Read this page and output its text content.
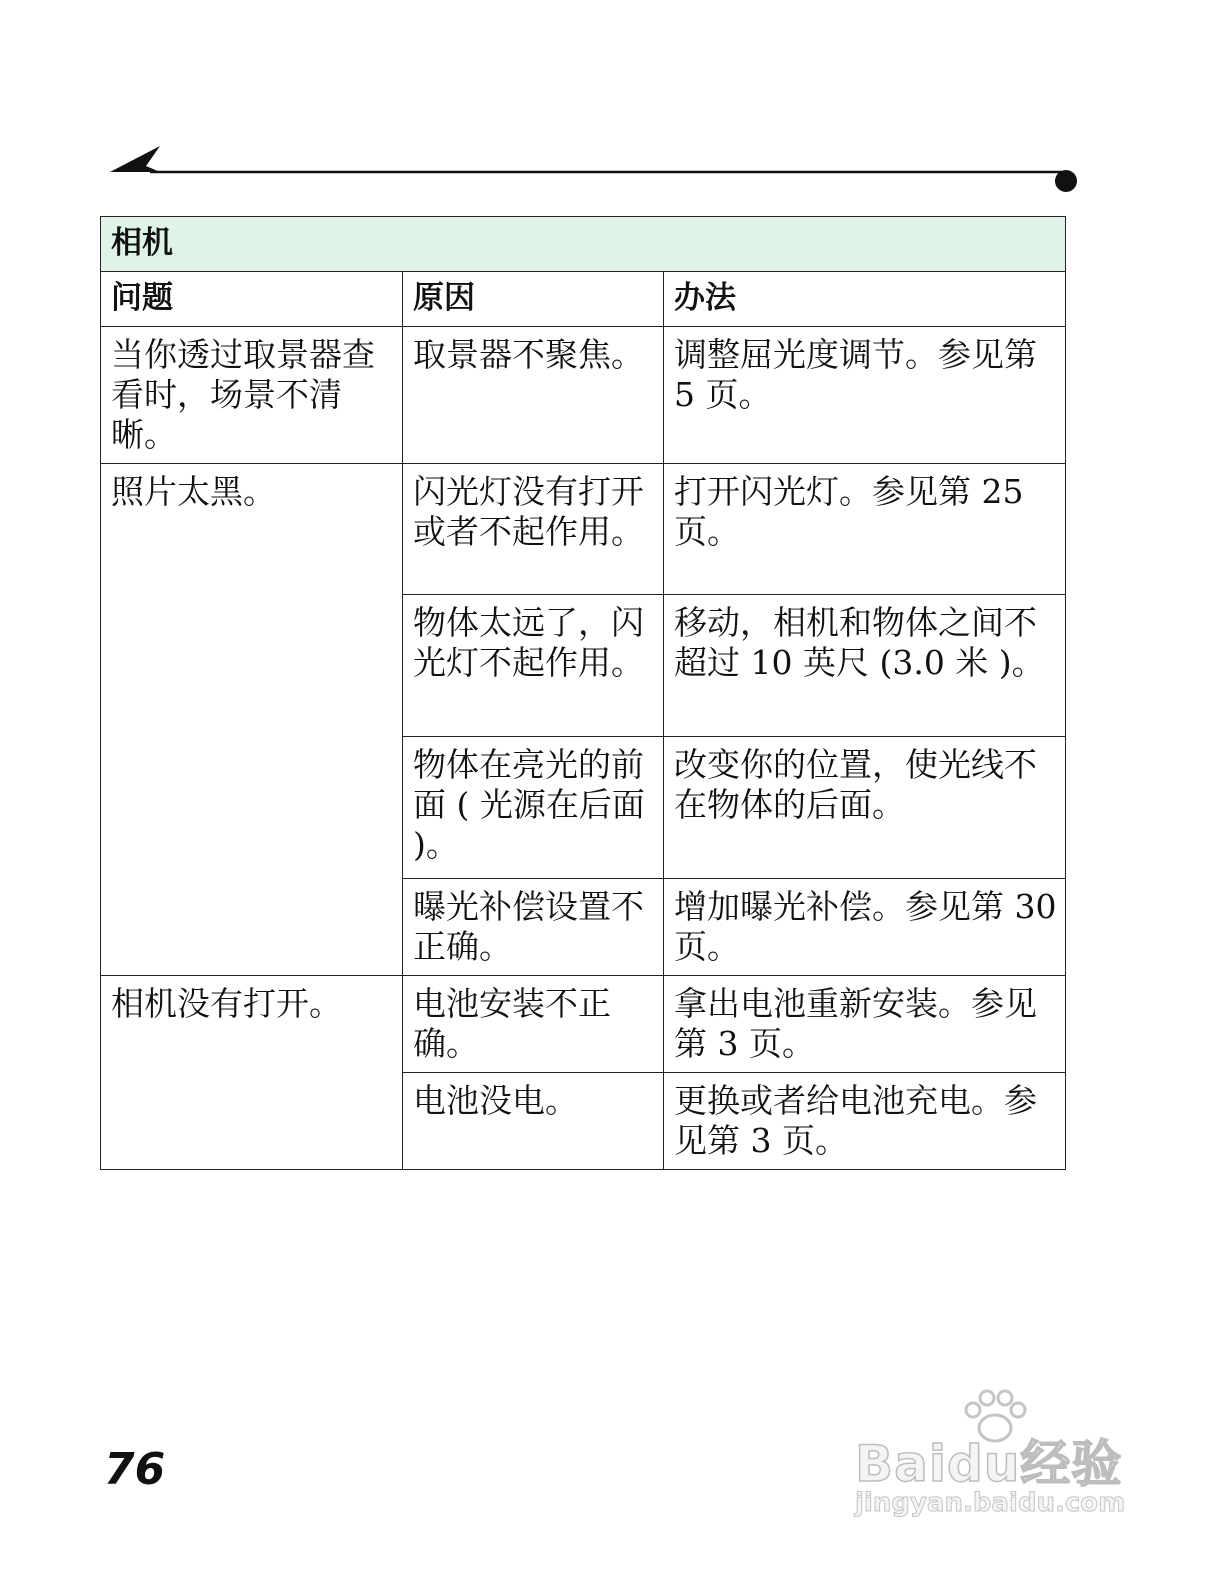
相机		
问题	原因	办法
当你透过取景器查看时，场景不清晰。	取景器不聚焦。	调整屈光度调节。参见第 5 页。
照片太黑。	闪光灯没有打开或者不起作用。	打开闪光灯。参见第 25 页。
	物体太远了，闪光灯不起作用。	移动，相机和物体之间不超过 10 英尺 (3.0 米 )。
	物体在亮光的前面 ( 光源在后面 )。	改变你的位置，使光线不在物体的后面。
	曝光补偿设置不正确。	增加曝光补偿。参见第 30 页。
相机没有打开。	电池安装不正确。	拿出电池重新安装。参见第 3 页。
	电池没电。	更换或者给电池充电。参见第 3 页。
76	Baidu经验
jingyan.baidu.com
